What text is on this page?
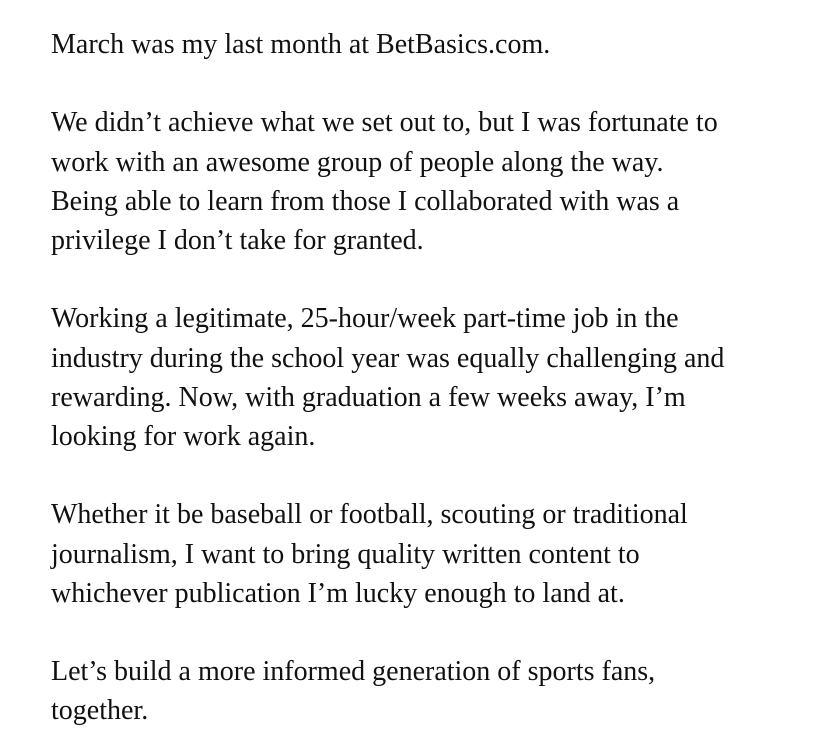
March was my last month at BetBasics.com.

We didn’t achieve what we set out to, but I was fortunate to
work with an awesome group of people along the way.
Being able to learn from those I collaborated with was a
privilege I don’t take for granted.

Working a legitimate, 25-hour/week part-time job in the
industry during the school year was equally challenging and
rewarding. Now, with graduation a few weeks away, I’m
looking for work again.

Whether it be baseball or football, scouting or traditional
journalism, I want to bring quality written content to
whichever publication I’m lucky enough to land at.

Let’s build a more informed generation of sports fans,
together.
